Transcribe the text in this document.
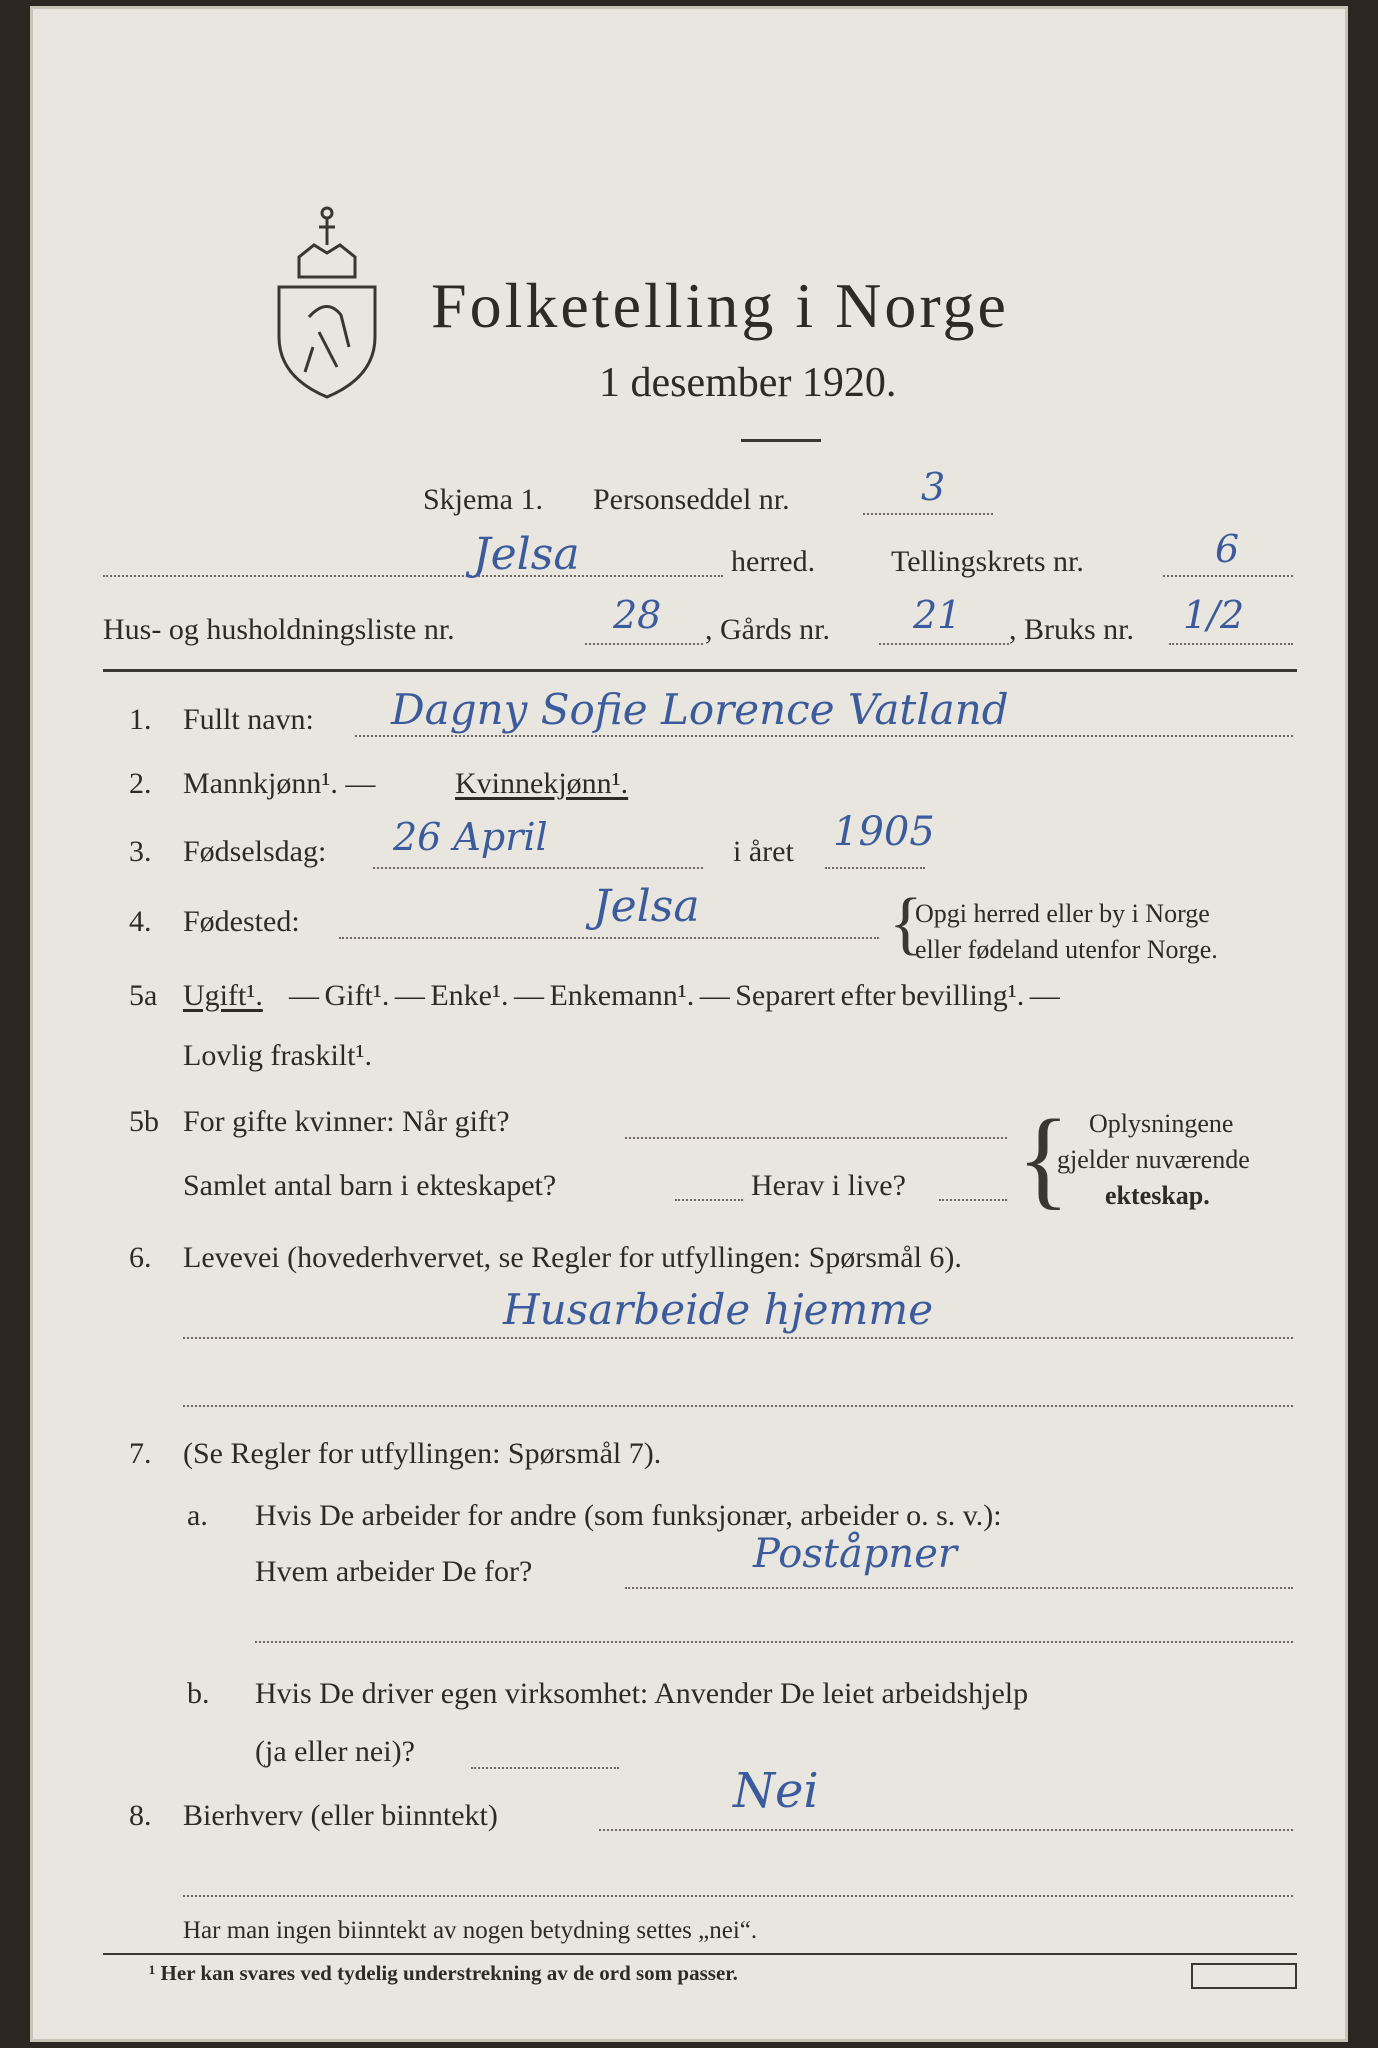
Folketelling i Norge
1 desember 1920.
Skjema 1. Personseddel nr.	3
Jelsa	herred.	Tellingskrets nr.	6
Hus- og husholdningsliste nr.	28 , Gårds nr. 21 , Bruks nr. 1/2
1. Fullt navn: Dagny Sofie Lorence Vatland
2. Mannkjønn¹. —	Kvinnekjønn¹.
3. Fødselsdag: 26 April	i året 1905
4. Fødested:	Jelsa	{
Opgi herred eller by i Norge
eller fødeland utenfor Norge.
5a Ugift¹. — Gift¹. — Enke¹. — Enkemann¹. — Separert efter bevilling¹. —
Lovlig fraskilt¹.
5b For gifte kvinner: Når gift?
Samlet antal barn i ekteskapet?	Herav i live? { Oplysningene
gjelder nuværende
ekteskap.
6. Levevei (hovederhvervet, se Regler for utfyllingen: Spørsmål 6).
Husarbeide hjemme
7. (Se Regler for utfyllingen: Spørsmål 7).
a. Hvis De arbeider for andre (som funksjonær, arbeider o. s. v.):
Hvem arbeider De for?	Poståpner
b. Hvis De driver egen virksomhet: Anvender De leiet arbeidshjelp
(ja eller nei)?
8. Bierhverv (eller biinntekt)	Nei
Har man ingen biinntekt av nogen betydning settes „nei“.
¹ Her kan svares ved tydelig understrekning av de ord som passer.
